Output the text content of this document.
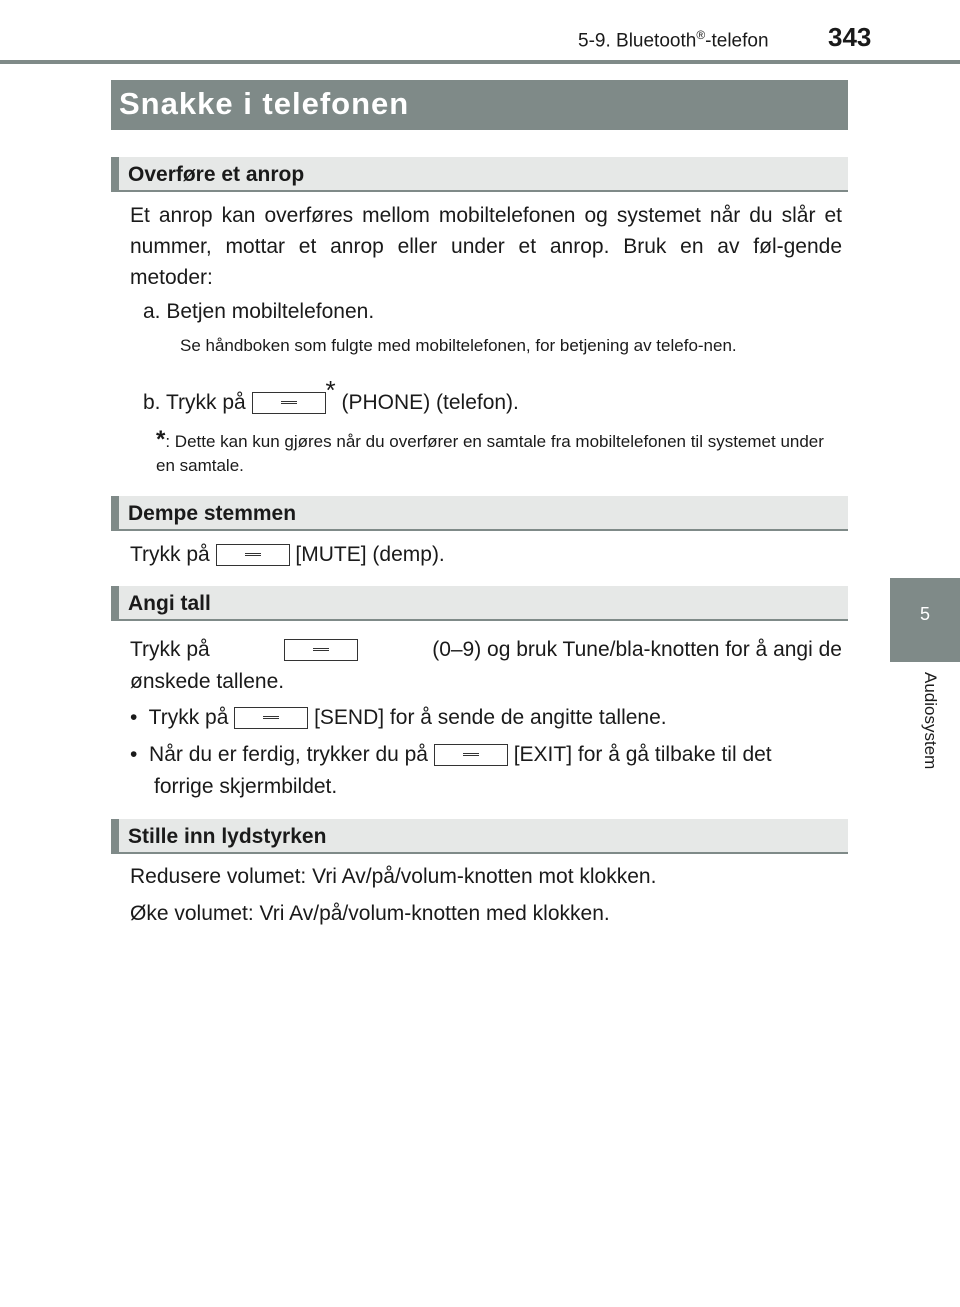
5-9. Bluetooth®-telefon 343
5
Audiosystem
Snakke i telefonen
Overføre et anrop
Et anrop kan overføres mellom mobiltelefonen og systemet når du slår et nummer, mottar et anrop eller under et anrop. Bruk en av føl-gende metoder:
a. Betjen mobiltelefonen.
Se håndboken som fulgte med mobiltelefonen, for betjening av telefo-nen.
b. Trykk på	* (PHONE) (telefon).
*: Dette kan kun gjøres når du overfører en samtale fra mobiltelefonen til systemet under en samtale.
Dempe stemmen
Trykk på	[MUTE] (demp).
Angi tall
Trykk på	(0–9) og bruk Tune/bla-knotten for å angi de
ønskede tallene.
• Trykk på	[SEND] for å sende de angitte tallene.
• Når du er ferdig, trykker du på	[EXIT] for å gå tilbake til det
forrige skjermbildet.
Stille inn lydstyrken
Redusere volumet: Vri Av/på/volum-knotten mot klokken.
Øke volumet: Vri Av/på/volum-knotten med klokken.
